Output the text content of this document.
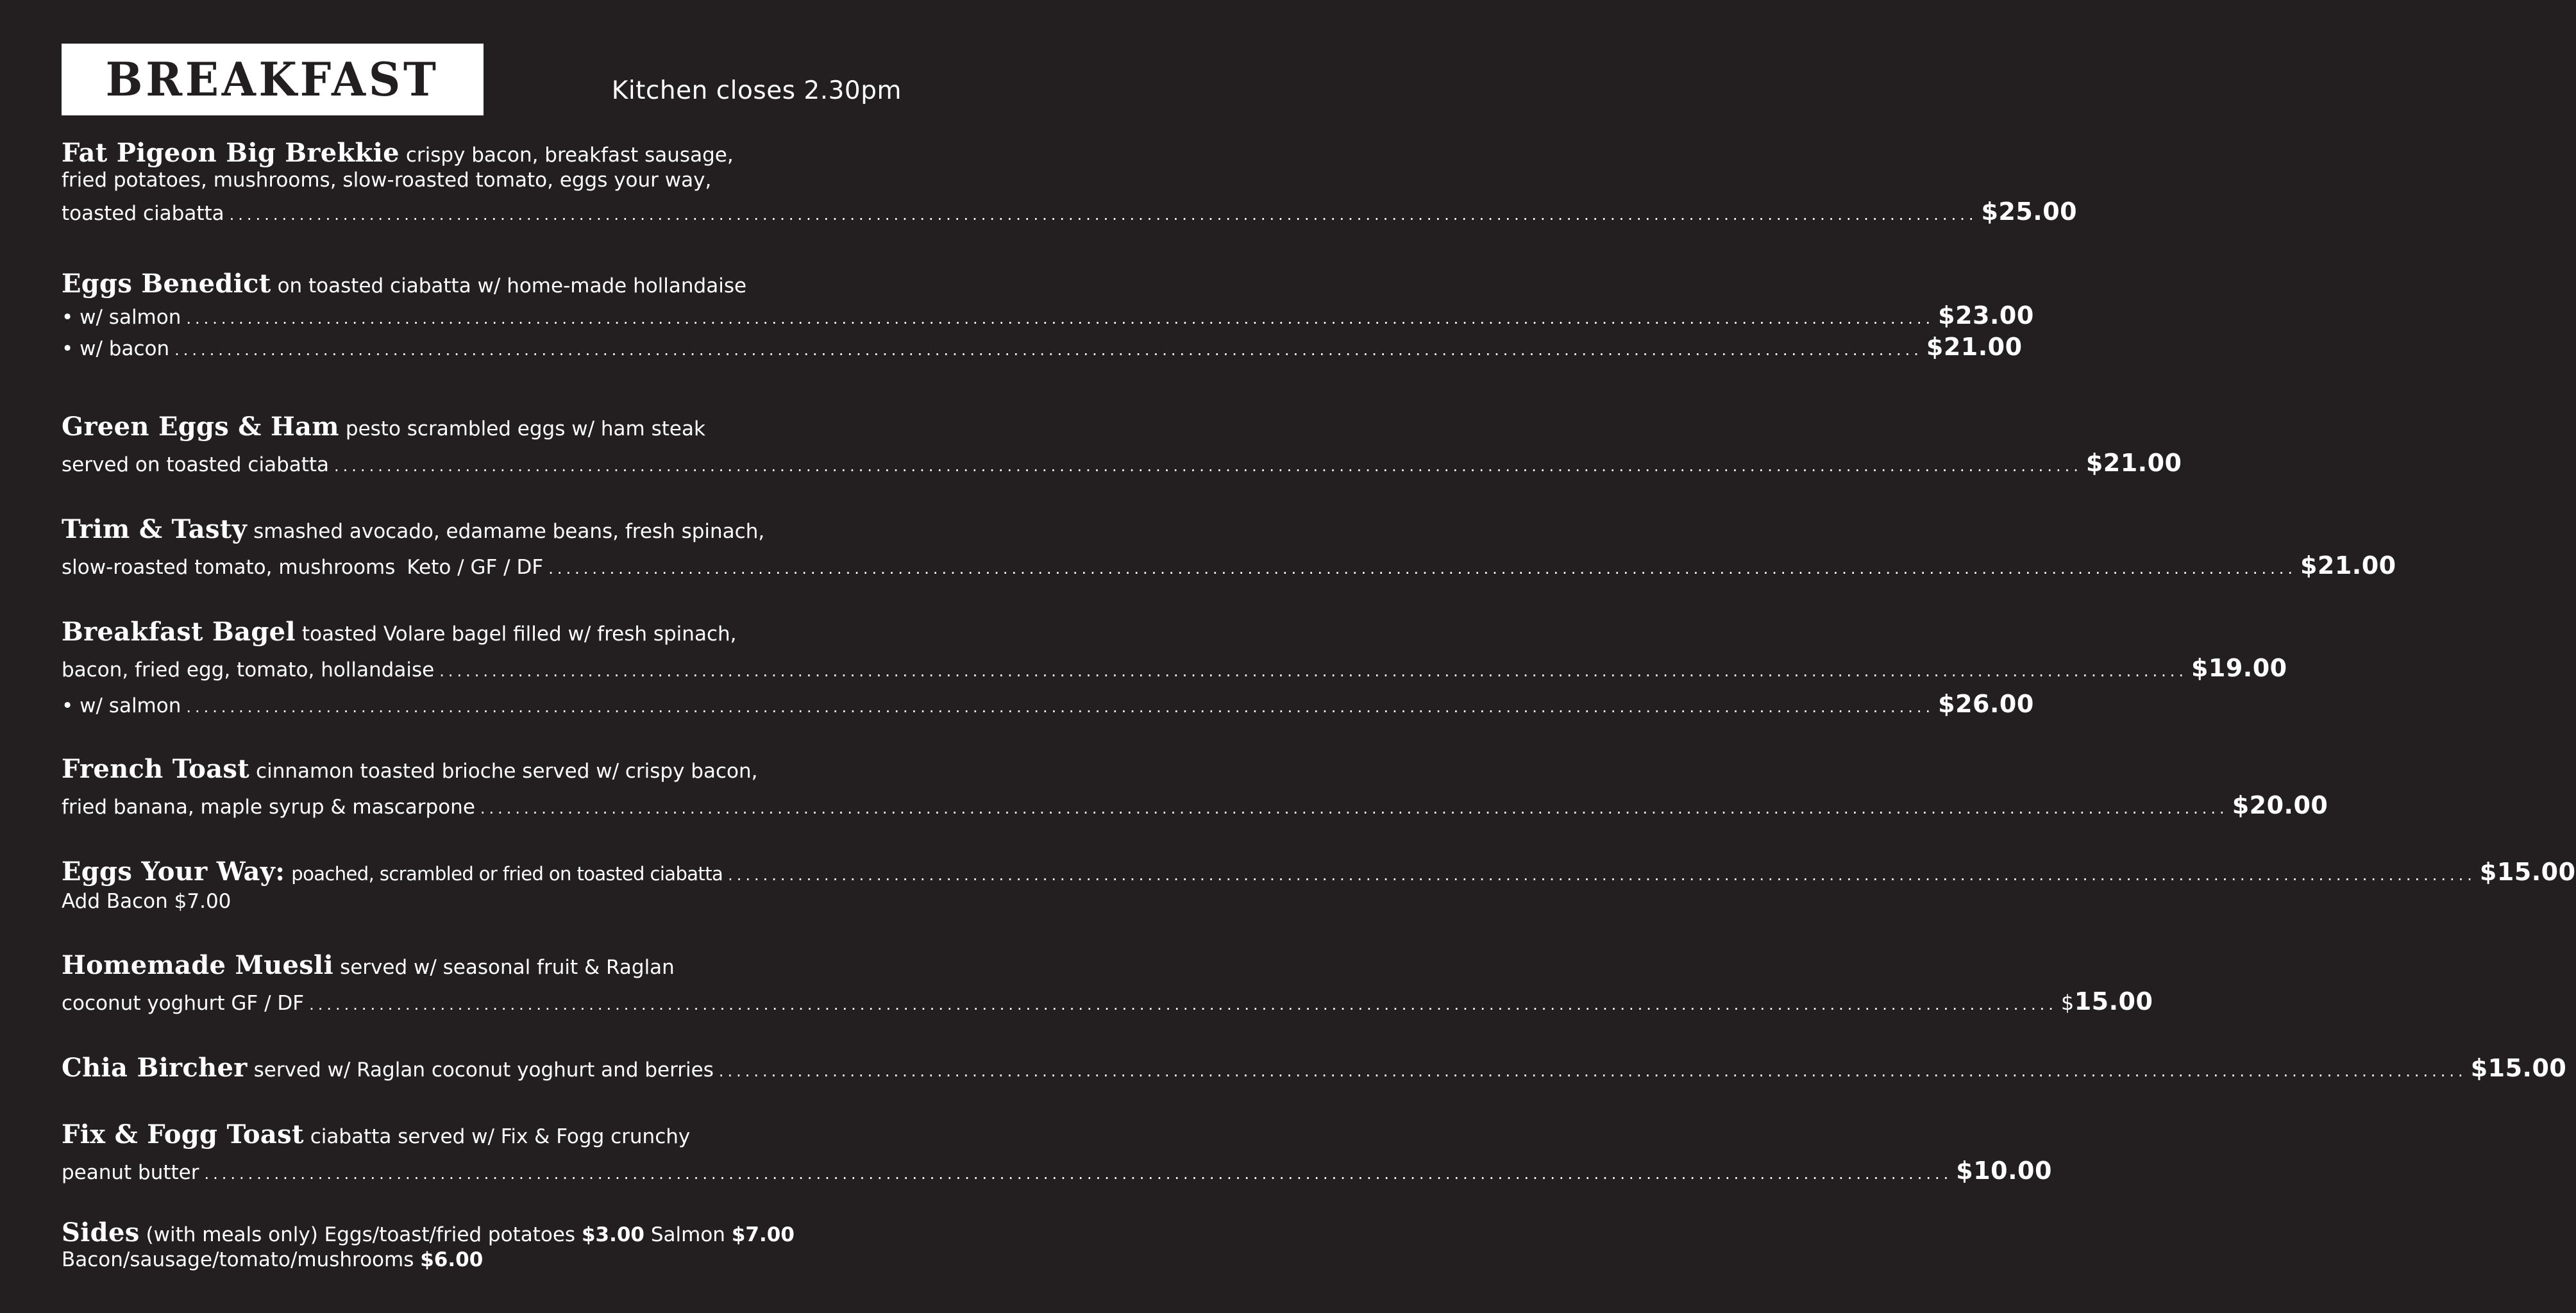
BREAKFAST	Kitchen closes 2.30pm
Fat Pigeon Big Brekkie crispy bacon, breakfast sausage,
fried potatoes, mushrooms, slow-roasted tomato, eggs your way,
toasted ciabatta ........................................................................................................................................................................................................ $25.00
Eggs Benedict on toasted ciabatta w/ home-made hollandaise
• w/ salmon ........................................................................................................................................................................................................ $23.00
• w/ bacon ........................................................................................................................................................................................................ $21.00
Green Eggs & Ham pesto scrambled eggs w/ ham steak
served on toasted ciabatta ........................................................................................................................................................................................................ $21.00
Trim & Tasty smashed avocado, edamame beans, fresh spinach,
slow-roasted tomato, mushrooms Keto / GF / DF ........................................................................................................................................................................................................ $21.00
Breakfast Bagel toasted Volare bagel filled w/ fresh spinach,
bacon, fried egg, tomato, hollandaise ........................................................................................................................................................................................................ $19.00
• w/ salmon ........................................................................................................................................................................................................ $26.00
French Toast cinnamon toasted brioche served w/ crispy bacon,
fried banana, maple syrup & mascarpone ........................................................................................................................................................................................................ $20.00
Eggs Your Way: poached, scrambled or fried on toasted ciabatta ........................................................................................................................................................................................................ $15.00
Add Bacon $7.00
Homemade Muesli served w/ seasonal fruit & Raglan
coconut yoghurt GF / DF ........................................................................................................................................................................................................ $15.00
Chia Bircher served w/ Raglan coconut yoghurt and berries ........................................................................................................................................................................................................ $15.00
Fix & Fogg Toast ciabatta served w/ Fix & Fogg crunchy
peanut butter ........................................................................................................................................................................................................ $10.00
Sides (with meals only) Eggs/toast/fried potatoes $3.00 Salmon $7.00
Bacon/sausage/tomato/mushrooms $6.00
